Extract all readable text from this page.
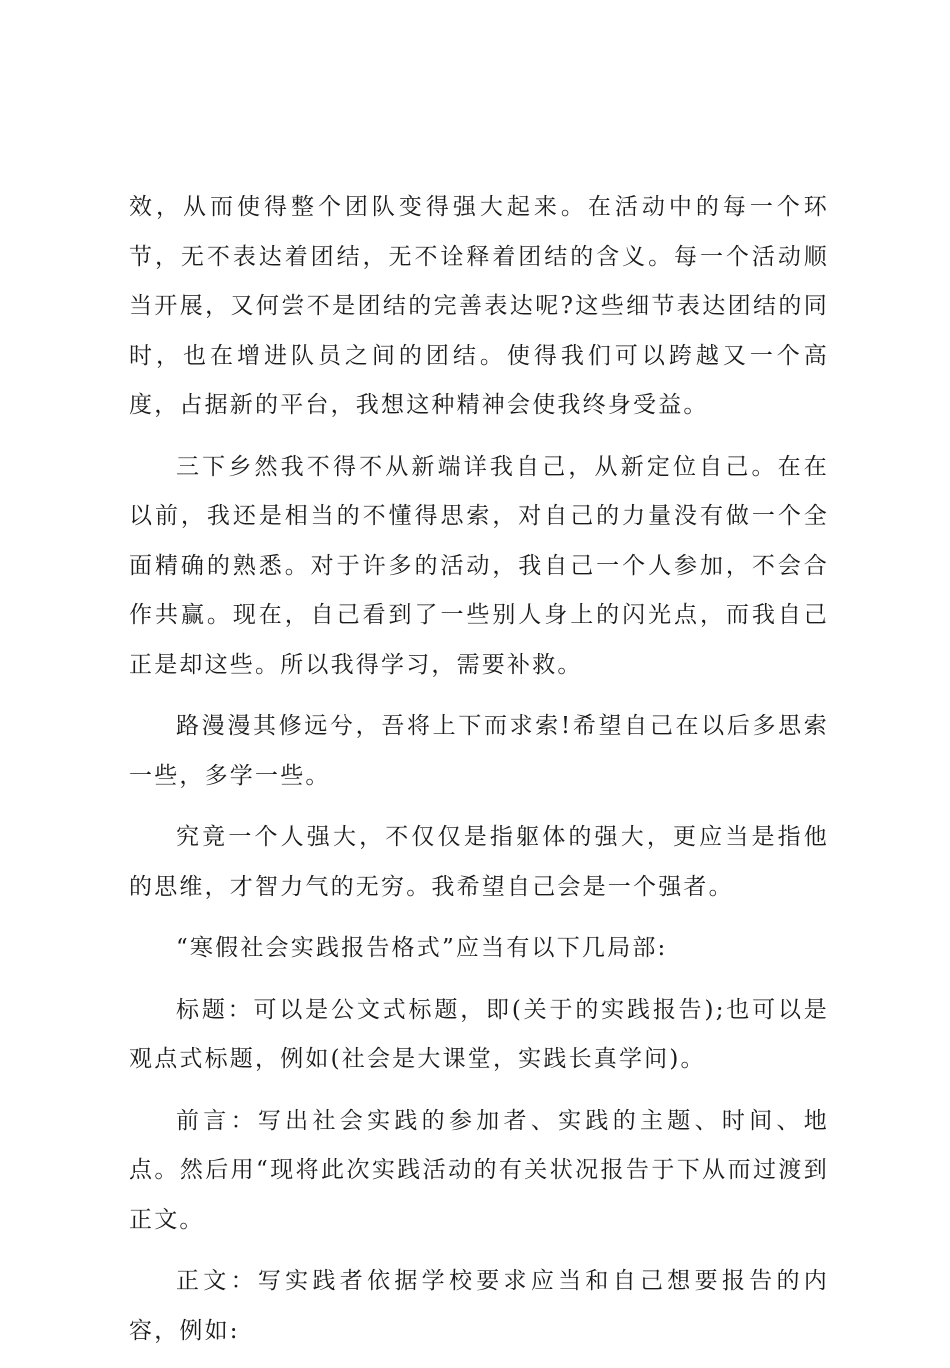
效，从而使得整个团队变得强大起来。在活动中的每一个环节，无不表达着团结，无不诠释着团结的含义。每一个活动顺当开展，又何尝不是团结的完善表达呢?这些细节表达团结的同时，也在增进队员之间的团结。使得我们可以跨越又一个高度，占据新的平台，我想这种精神会使我终身受益。

三下乡然我不得不从新端详我自己，从新定位自己。在在以前，我还是相当的不懂得思索，对自己的力量没有做一个全面精确的熟悉。对于许多的活动，我自己一个人参加，不会合作共赢。现在，自己看到了一些别人身上的闪光点，而我自己正是却这些。所以我得学习，需要补救。

路漫漫其修远兮，吾将上下而求索!希望自己在以后多思索一些，多学一些。

究竟一个人强大，不仅仅是指躯体的强大，更应当是指他的思维，才智力气的无穷。我希望自己会是一个强者。

“寒假社会实践报告格式”应当有以下几局部:

标题：可以是公文式标题，即(关于的实践报告);也可以是观点式标题，例如(社会是大课堂，实践长真学问)。

前言：写出社会实践的参加者、实践的主题、时间、地点。然后用“现将此次实践活动的有关状况报告于下从而过渡到正文。

正文：写实践者依据学校要求应当和自己想要报告的内容，例如:
